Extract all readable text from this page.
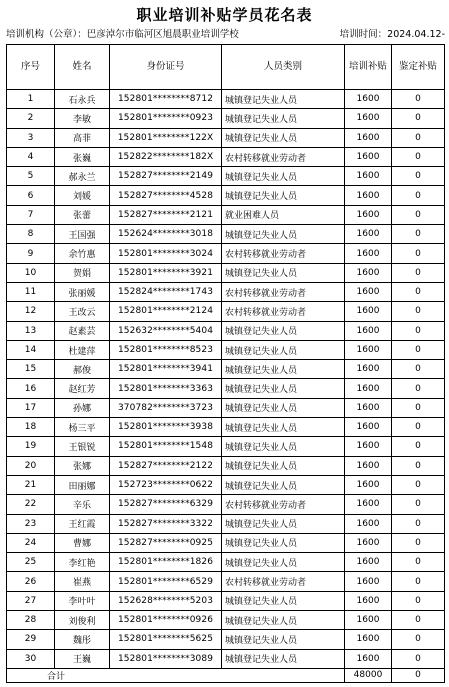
职业培训补贴学员花名表
培训机构（公章）：巴彦淖尔市临河区旭晨职业培训学校	培训时间：2024.04.12-
序号	姓名	身份证号	人员类别	培训补贴	鉴定补贴
1	石永兵	152801********8712	城镇登记失业人员	1600	0
2	李敏	152801********0923	城镇登记失业人员	1600	0
3	高菲	152801********122X	城镇登记失业人员	1600	0
4	张巍	152822********182X	农村转移就业劳动者	1600	0
5	郝永兰	152827********2149	城镇登记失业人员	1600	0
6	刘媛	152827********4528	城镇登记失业人员	1600	0
7	张蕾	152827********2121	就业困难人员	1600	0
8	王国强	152624********3018	城镇登记失业人员	1600	0
9	余竹惠	152801********3024	农村转移就业劳动者	1600	0
10	贺娟	152801********3921	城镇登记失业人员	1600	0
11	张丽媛	152824********1743	农村转移就业劳动者	1600	0
12	王改云	152801********2124	农村转移就业劳动者	1600	0
13	赵素芸	152632********5404	城镇登记失业人员	1600	0
14	杜建萍	152801********8523	城镇登记失业人员	1600	0
15	郝俊	152801********3941	城镇登记失业人员	1600	0
16	赵红芳	152801********3363	城镇登记失业人员	1600	0
17	孙娜	370782********3723	城镇登记失业人员	1600	0
18	杨三平	152801********3938	城镇登记失业人员	1600	0
19	王银锐	152801********1548	城镇登记失业人员	1600	0
20	张娜	152827********2122	城镇登记失业人员	1600	0
21	田丽娜	152723********0622	城镇登记失业人员	1600	0
22	辛乐	152827********6329	农村转移就业劳动者	1600	0
23	王红霞	152827********3322	城镇登记失业人员	1600	0
24	曹娜	152827********0925	城镇登记失业人员	1600	0
25	李红艳	152801********1826	城镇登记失业人员	1600	0
26	崔燕	152801********6529	农村转移就业劳动者	1600	0
27	李叶叶	152628********5203	城镇登记失业人员	1600	0
28	刘俊利	152801********0926	城镇登记失业人员	1600	0
29	魏彤	152801********5625	城镇登记失业人员	1600	0
30	王巍	152801********3089	城镇登记失业人员	1600	0
合计				48000	0
